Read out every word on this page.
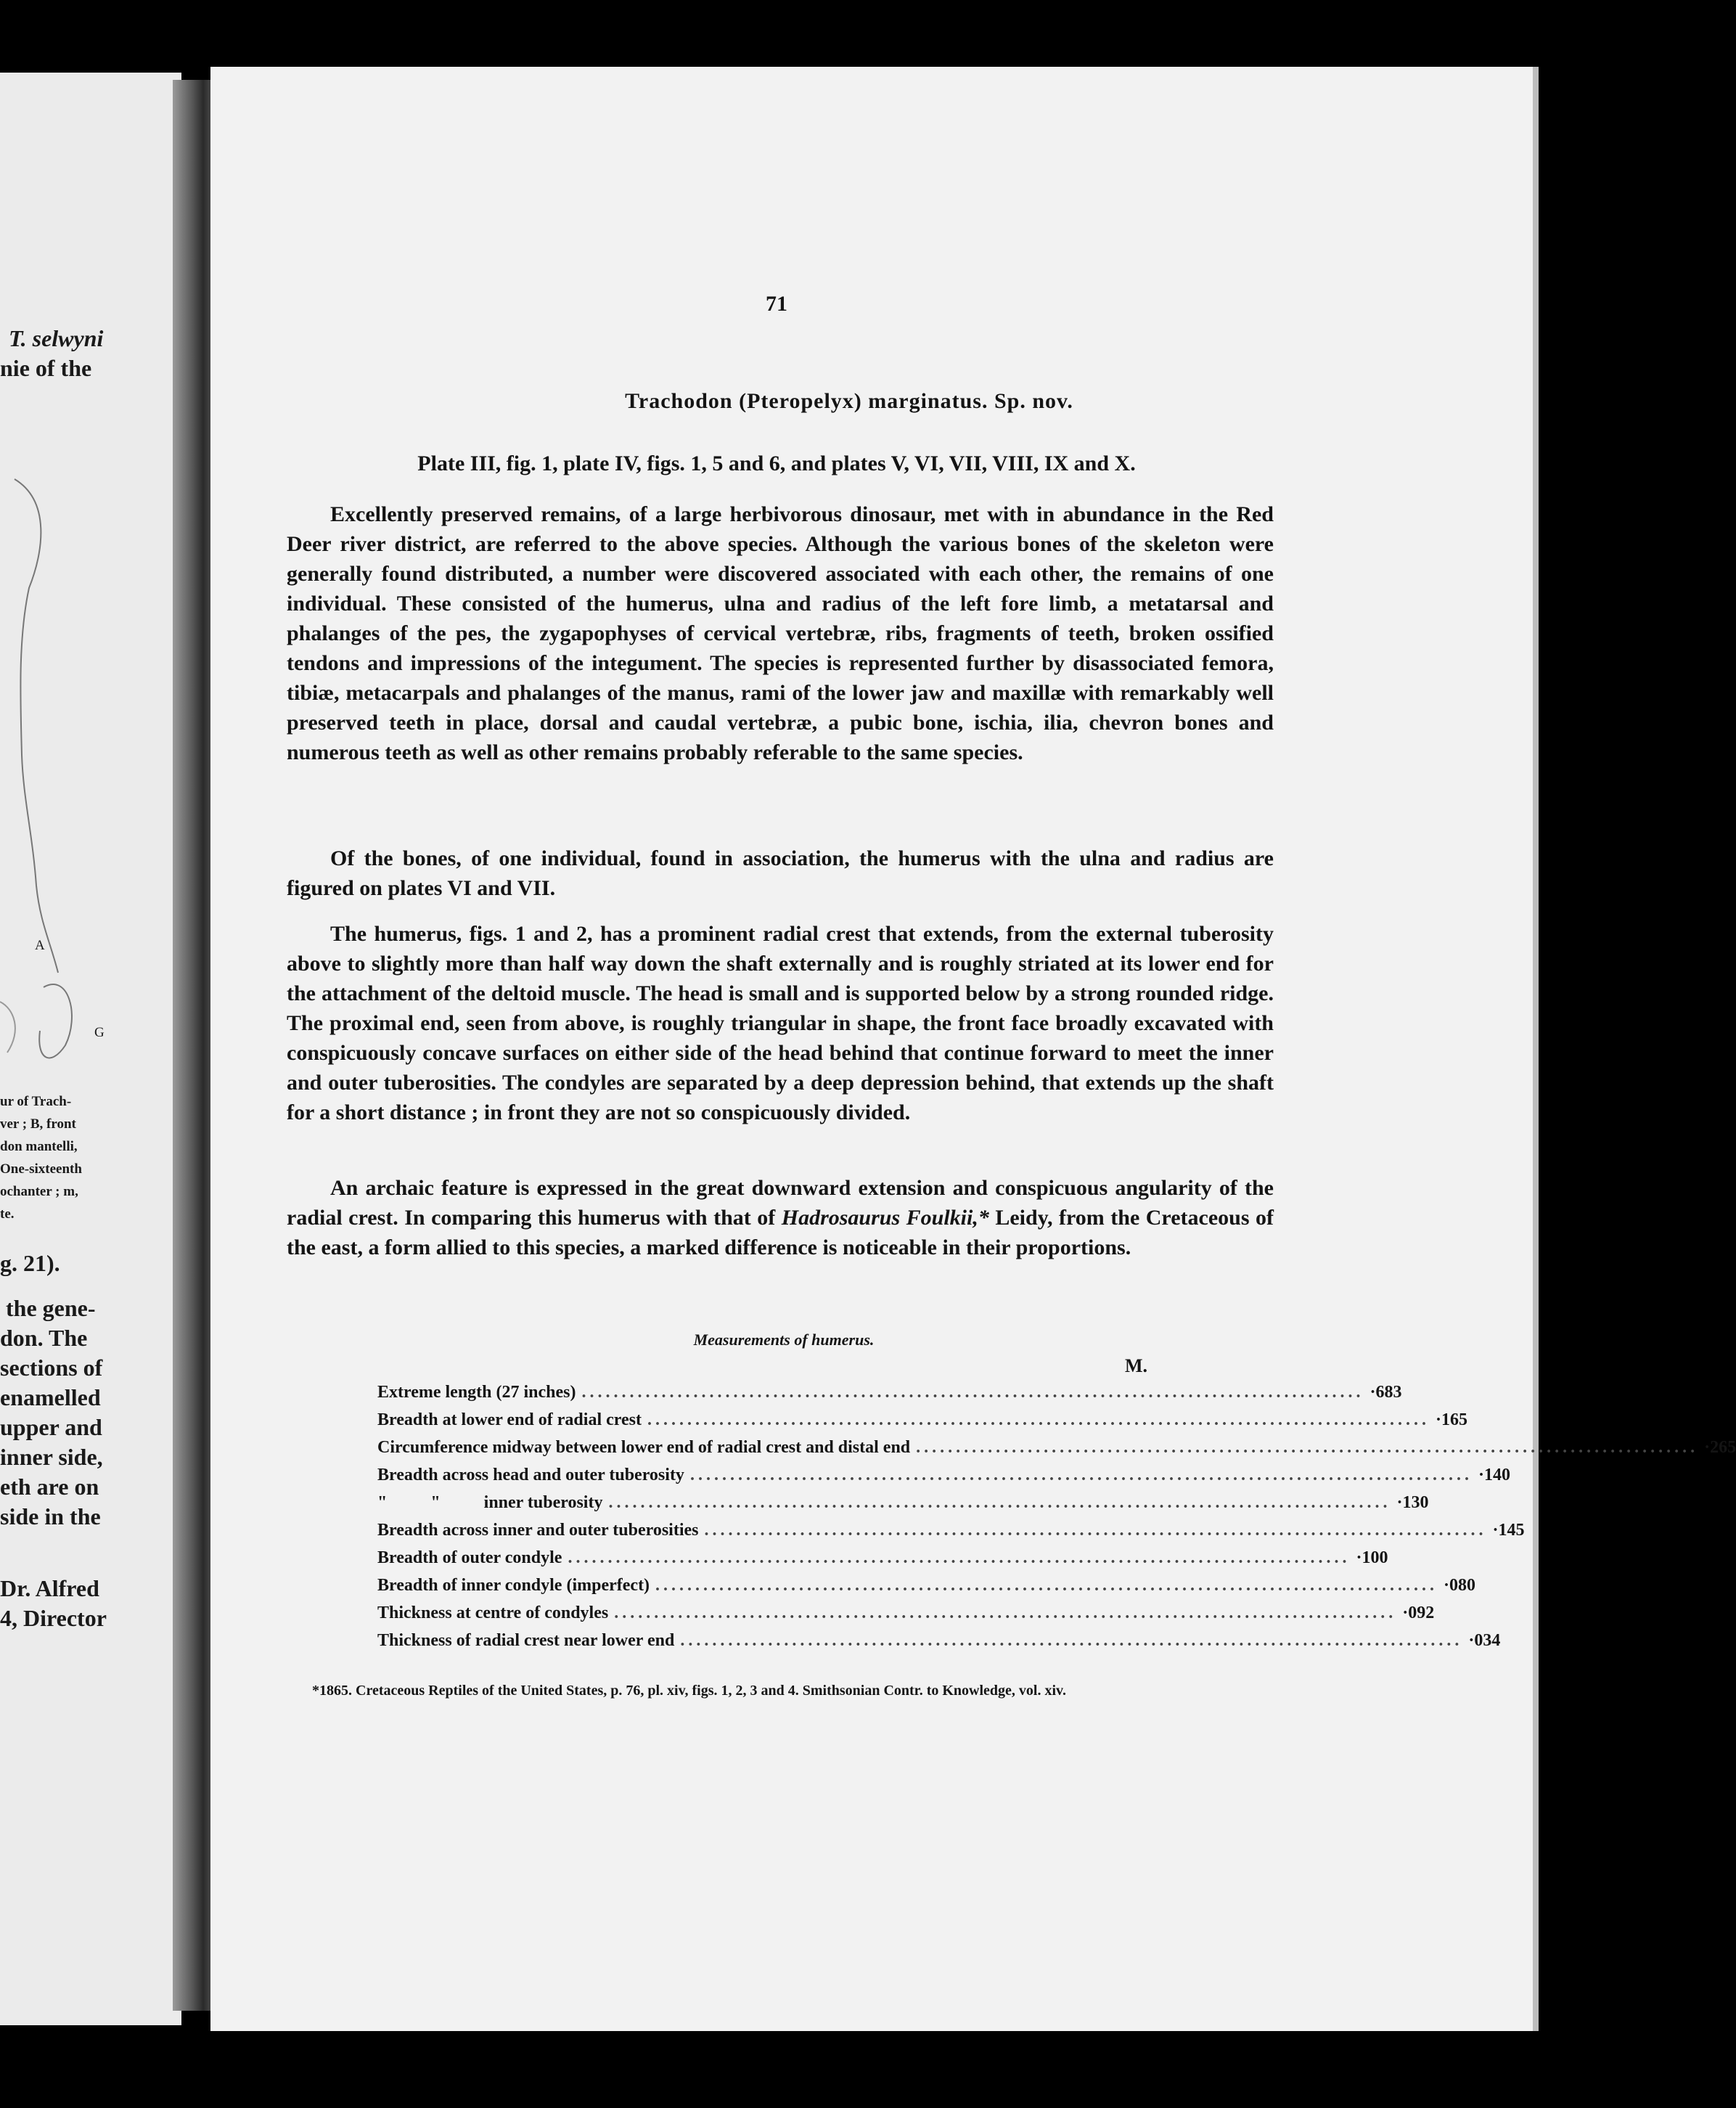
T. selwyni
nie of the
A
G
ur of Trach-
ver ; B, front
don mantelli,
One-sixteenth
ochanter ; m,
te.
g. 21).
the gene-
don. The
sections of
enamelled
upper and
inner side,
eth are on
side in the
Dr. Alfred
4, Director
71
Trachodon (Pteropelyx) marginatus. Sp. nov.
Plate III, fig. 1, plate IV, figs. 1, 5 and 6, and plates V, VI, VII, VIII, IX and X.

Excellently preserved remains, of a large herbivorous dinosaur, met with in abundance in the Red Deer river district, are referred to the above species. Although the various bones of the skeleton were generally found distributed, a number were discovered associated with each other, the remains of one individual. These consisted of the humerus, ulna and radius of the left fore limb, a metatarsal and phalanges of the pes, the zygapophyses of cervical vertebræ, ribs, fragments of teeth, broken ossified tendons and impressions of the integument. The species is represented further by disassociated femora, tibiæ, metacarpals and phalanges of the manus, rami of the lower jaw and maxillæ with remarkably well preserved teeth in place, dorsal and caudal vertebræ, a pubic bone, ischia, ilia, chevron bones and numerous teeth as well as other remains probably referable to the same species.

Of the bones, of one individual, found in association, the humerus with the ulna and radius are figured on plates VI and VII.

The humerus, figs. 1 and 2, has a prominent radial crest that extends, from the external tuberosity above to slightly more than half way down the shaft externally and is roughly striated at its lower end for the attachment of the deltoid muscle. The head is small and is supported below by a strong rounded ridge. The proximal end, seen from above, is roughly triangular in shape, the front face broadly excavated with conspicuously concave surfaces on either side of the head behind that continue forward to meet the inner and outer tuberosities. The condyles are separated by a deep depression behind, that extends up the shaft for a short distance ; in front they are not so conspicuously divided.

An archaic feature is expressed in the great downward extension and conspicuous angularity of the radial crest. In comparing this humerus with that of Hadrosaurus Foulkii,* Leidy, from the Cretaceous of the east, a form allied to this species, a marked difference is noticeable in their proportions.

Measurements of humerus.
M.
Extreme length (27 inches) .................................................................................................. ·683
Breadth at lower end of radial crest .................................................................................................. ·165
Circumference midway between lower end of radial crest and distal end .................................................................................................. ·265
Breadth across head and outer tuberosity .................................................................................................. ·140
"          "          inner tuberosity .................................................................................................. ·130
Breadth across inner and outer tuberosities .................................................................................................. ·145
Breadth of outer condyle .................................................................................................. ·100
Breadth of inner condyle (imperfect) .................................................................................................. ·080
Thickness at centre of condyles .................................................................................................. ·092
Thickness of radial crest near lower end .................................................................................................. ·034
*1865. Cretaceous Reptiles of the United States, p. 76, pl. xiv, figs. 1, 2, 3 and 4. Smithsonian Contr. to Knowledge, vol. xiv.
